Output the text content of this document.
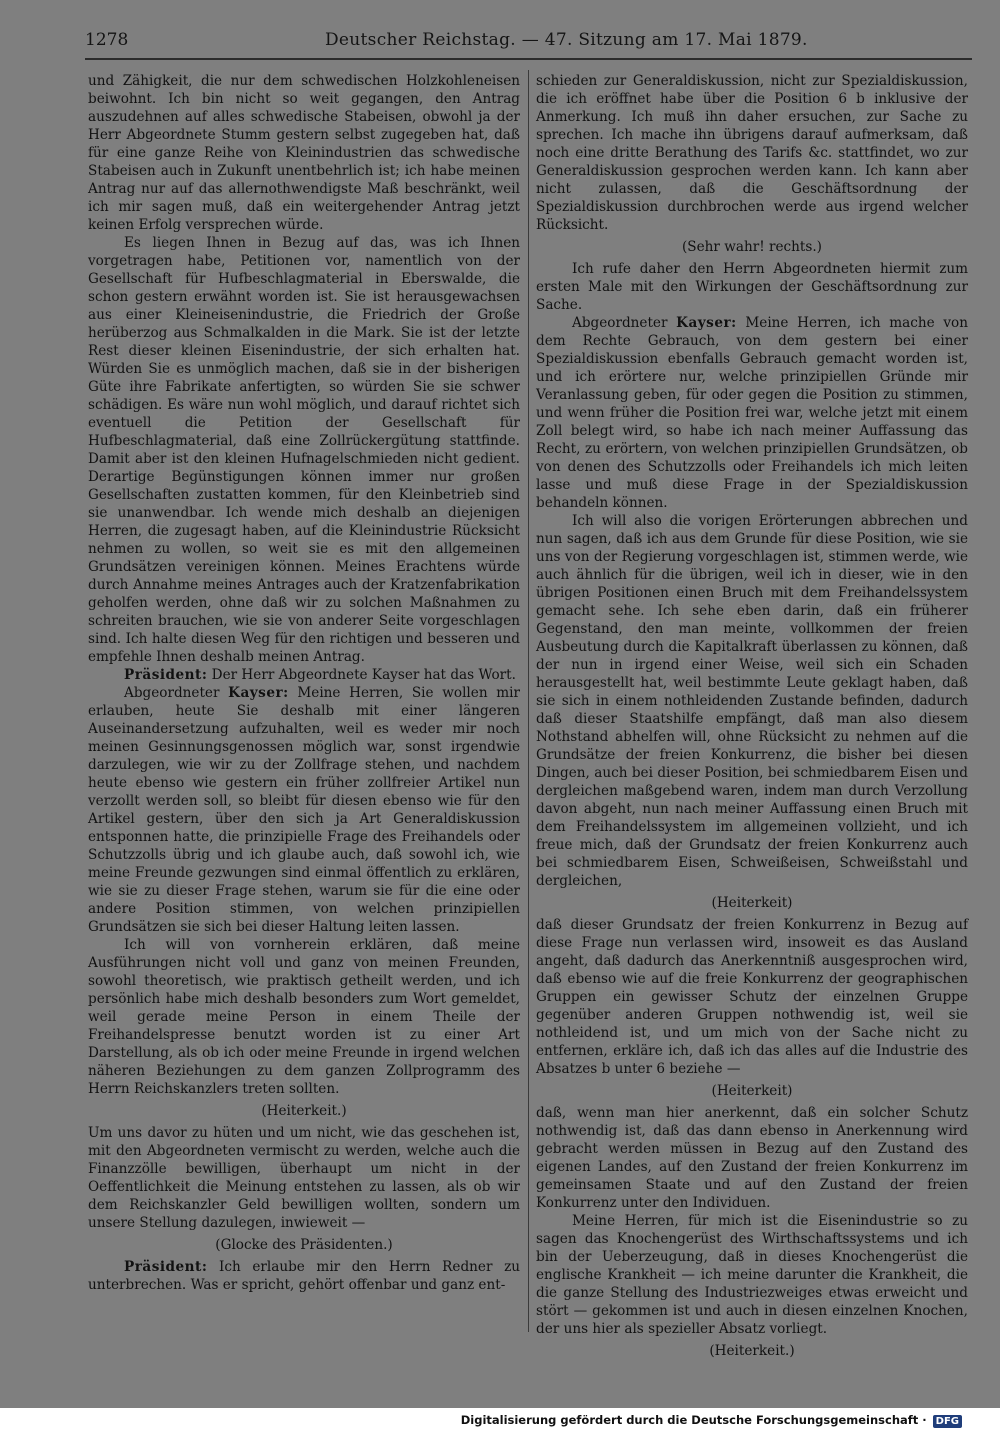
1278	Deutscher Reichstag. — 47. Sitzung am 17. Mai 1879.

und Zähigkeit, die nur dem schwedischen Holzkohleneisen beiwohnt. Ich bin nicht so weit gegangen, den Antrag auszudehnen auf alles schwedische Stabeisen, obwohl ja der Herr Abgeordnete Stumm gestern selbst zugegeben hat, daß für eine ganze Reihe von Kleinindustrien das schwedische Stabeisen auch in Zukunft unentbehrlich ist; ich habe meinen Antrag nur auf das allernothwendigste Maß beschränkt, weil ich mir sagen muß, daß ein weitergehender Antrag jetzt keinen Erfolg versprechen würde.

Es liegen Ihnen in Bezug auf das, was ich Ihnen vorgetragen habe, Petitionen vor, namentlich von der Gesellschaft für Hufbeschlagmaterial in Eberswalde, die schon gestern erwähnt worden ist. Sie ist herausgewachsen aus einer Kleineisenindustrie, die Friedrich der Große herüberzog aus Schmalkalden in die Mark. Sie ist der letzte Rest dieser kleinen Eisenindustrie, der sich erhalten hat. Würden Sie es unmöglich machen, daß sie in der bisherigen Güte ihre Fabrikate anfertigten, so würden Sie sie schwer schädigen. Es wäre nun wohl möglich, und darauf richtet sich eventuell die Petition der Gesellschaft für Hufbeschlagmaterial, daß eine Zollrückergütung stattfinde. Damit aber ist den kleinen Hufnagelschmieden nicht gedient. Derartige Begünstigungen können immer nur großen Gesellschaften zustatten kommen, für den Kleinbetrieb sind sie unanwendbar. Ich wende mich deshalb an diejenigen Herren, die zugesagt haben, auf die Kleinindustrie Rücksicht nehmen zu wollen, so weit sie es mit den allgemeinen Grundsätzen vereinigen können. Meines Erachtens würde durch Annahme meines Antrages auch der Kratzenfabrikation geholfen werden, ohne daß wir zu solchen Maßnahmen zu schreiten brauchen, wie sie von anderer Seite vorgeschlagen sind. Ich halte diesen Weg für den richtigen und besseren und empfehle Ihnen deshalb meinen Antrag.

Präsident: Der Herr Abgeordnete Kayser hat das Wort.

Abgeordneter Kayser: Meine Herren, Sie wollen mir erlauben, heute Sie deshalb mit einer längeren Auseinandersetzung aufzuhalten, weil es weder mir noch meinen Gesinnungsgenossen möglich war, sonst irgendwie darzulegen, wie wir zu der Zollfrage stehen, und nachdem heute ebenso wie gestern ein früher zollfreier Artikel nun verzollt werden soll, so bleibt für diesen ebenso wie für den Artikel gestern, über den sich ja Art Generaldiskussion entsponnen hatte, die prinzipielle Frage des Freihandels oder Schutzzolls übrig und ich glaube auch, daß sowohl ich, wie meine Freunde gezwungen sind einmal öffentlich zu erklären, wie sie zu dieser Frage stehen, warum sie für die eine oder andere Position stimmen, von welchen prinzipiellen Grundsätzen sie sich bei dieser Haltung leiten lassen.

Ich will von vornherein erklären, daß meine Ausführungen nicht voll und ganz von meinen Freunden, sowohl theoretisch, wie praktisch getheilt werden, und ich persönlich habe mich deshalb besonders zum Wort gemeldet, weil gerade meine Person in einem Theile der Freihandelspresse benutzt worden ist zu einer Art Darstellung, als ob ich oder meine Freunde in irgend welchen näheren Beziehungen zu dem ganzen Zollprogramm des Herrn Reichskanzlers treten sollten.

(Heiterkeit.)

Um uns davor zu hüten und um nicht, wie das geschehen ist, mit den Abgeordneten vermischt zu werden, welche auch die Finanzzölle bewilligen, überhaupt um nicht in der Oeffentlichkeit die Meinung entstehen zu lassen, als ob wir dem Reichskanzler Geld bewilligen wollten, sondern um unsere Stellung dazulegen, inwieweit —

(Glocke des Präsidenten.)

Präsident: Ich erlaube mir den Herrn Redner zu unterbrechen. Was er spricht, gehört offenbar und ganz ent-

schieden zur Generaldiskussion, nicht zur Spezialdiskussion, die ich eröffnet habe über die Position 6 b inklusive der Anmerkung. Ich muß ihn daher ersuchen, zur Sache zu sprechen. Ich mache ihn übrigens darauf aufmerksam, daß noch eine dritte Berathung des Tarifs &c. stattfindet, wo zur Generaldiskussion gesprochen werden kann. Ich kann aber nicht zulassen, daß die Geschäftsordnung der Spezialdiskussion durchbrochen werde aus irgend welcher Rücksicht.

(Sehr wahr! rechts.)

Ich rufe daher den Herrn Abgeordneten hiermit zum ersten Male mit den Wirkungen der Geschäftsordnung zur Sache.

Abgeordneter Kayser: Meine Herren, ich mache von dem Rechte Gebrauch, von dem gestern bei einer Spezialdiskussion ebenfalls Gebrauch gemacht worden ist, und ich erörtere nur, welche prinzipiellen Gründe mir Veranlassung geben, für oder gegen die Position zu stimmen, und wenn früher die Position frei war, welche jetzt mit einem Zoll belegt wird, so habe ich nach meiner Auffassung das Recht, zu erörtern, von welchen prinzipiellen Grundsätzen, ob von denen des Schutzzolls oder Freihandels ich mich leiten lasse und muß diese Frage in der Spezialdiskussion behandeln können.

Ich will also die vorigen Erörterungen abbrechen und nun sagen, daß ich aus dem Grunde für diese Position, wie sie uns von der Regierung vorgeschlagen ist, stimmen werde, wie auch ähnlich für die übrigen, weil ich in dieser, wie in den übrigen Positionen einen Bruch mit dem Freihandelssystem gemacht sehe. Ich sehe eben darin, daß ein früherer Gegenstand, den man meinte, vollkommen der freien Ausbeutung durch die Kapitalkraft überlassen zu können, daß der nun in irgend einer Weise, weil sich ein Schaden herausgestellt hat, weil bestimmte Leute geklagt haben, daß sie sich in einem nothleidenden Zustande befinden, dadurch daß dieser Staatshilfe empfängt, daß man also diesem Nothstand abhelfen will, ohne Rücksicht zu nehmen auf die Grundsätze der freien Konkurrenz, die bisher bei diesen Dingen, auch bei dieser Position, bei schmiedbarem Eisen und dergleichen maßgebend waren, indem man durch Verzollung davon abgeht, nun nach meiner Auffassung einen Bruch mit dem Freihandelssystem im allgemeinen vollzieht, und ich freue mich, daß der Grundsatz der freien Konkurrenz auch bei schmiedbarem Eisen, Schweißeisen, Schweißstahl und dergleichen,

(Heiterkeit)

daß dieser Grundsatz der freien Konkurrenz in Bezug auf diese Frage nun verlassen wird, insoweit es das Ausland angeht, daß dadurch das Anerkenntniß ausgesprochen wird, daß ebenso wie auf die freie Konkurrenz der geographischen Gruppen ein gewisser Schutz der einzelnen Gruppe gegenüber anderen Gruppen nothwendig ist, weil sie nothleidend ist, und um mich von der Sache nicht zu entfernen, erkläre ich, daß ich das alles auf die Industrie des Absatzes b unter 6 beziehe —

(Heiterkeit)

daß, wenn man hier anerkennt, daß ein solcher Schutz nothwendig ist, daß das dann ebenso in Anerkennung wird gebracht werden müssen in Bezug auf den Zustand des eigenen Landes, auf den Zustand der freien Konkurrenz im gemeinsamen Staate und auf den Zustand der freien Konkurrenz unter den Individuen.

Meine Herren, für mich ist die Eisenindustrie so zu sagen das Knochengerüst des Wirthschaftssystems und ich bin der Ueberzeugung, daß in dieses Knochengerüst die englische Krankheit — ich meine darunter die Krankheit, die die ganze Stellung des Industriezweiges etwas erweicht und stört — gekommen ist und auch in diesen einzelnen Knochen, der uns hier als spezieller Absatz vorliegt.

(Heiterkeit.)

Digitalisierung gefördert durch die Deutsche Forschungsgemeinschaft · DFG
